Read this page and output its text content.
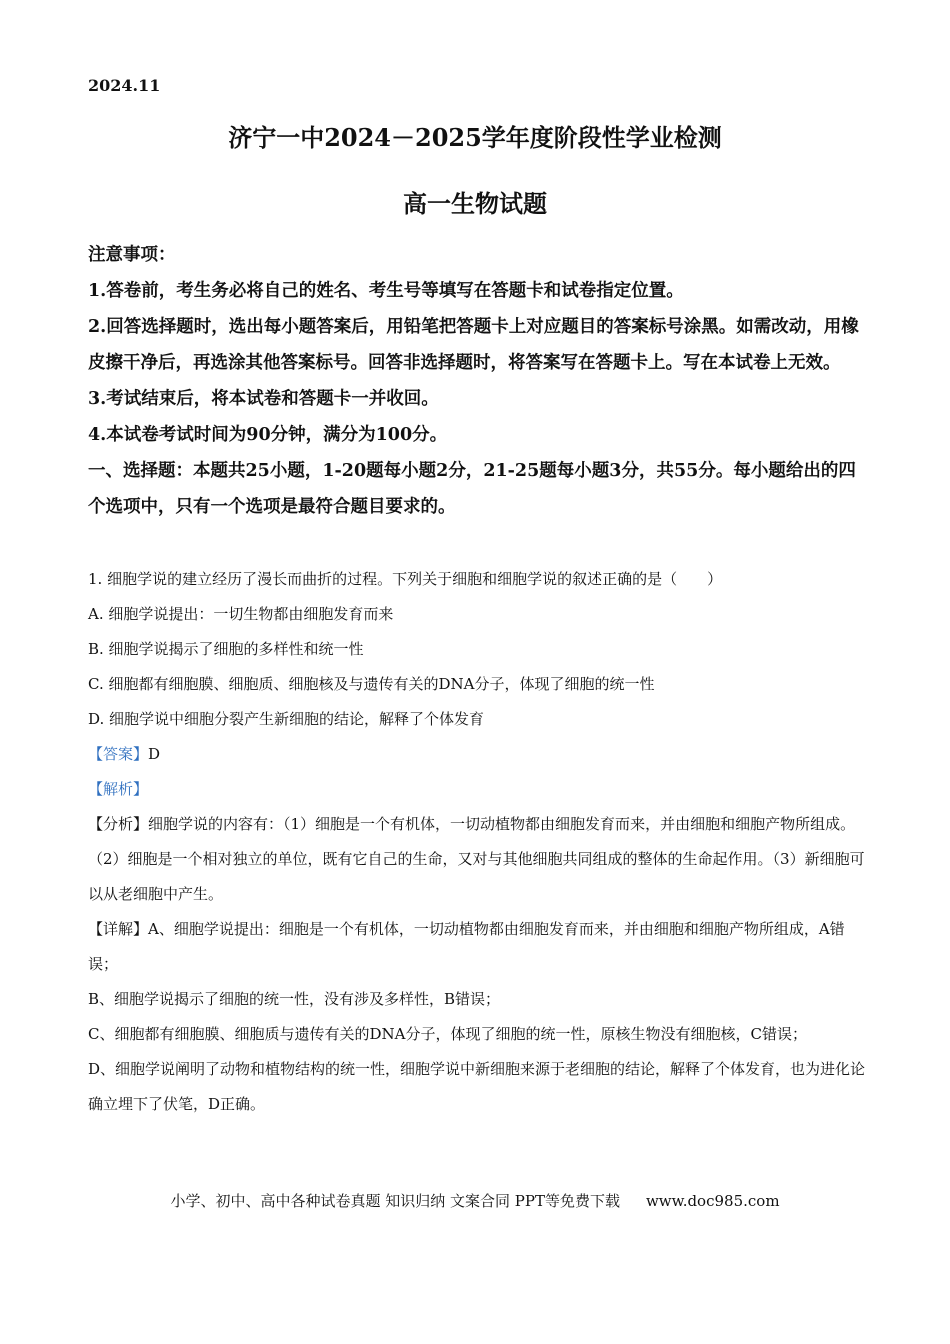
2024.11
济宁一中2024－2025学年度阶段性学业检测
高一生物试题
注意事项：
1.答卷前，考生务必将自己的姓名、考生号等填写在答题卡和试卷指定位置。
2.回答选择题时，选出每小题答案后，用铅笔把答题卡上对应题目的答案标号涂黑。如需改动，用橡皮擦干净后，再选涂其他答案标号。回答非选择题时，将答案写在答题卡上。写在本试卷上无效。
3.考试结束后，将本试卷和答题卡一并收回。
4.本试卷考试时间为90分钟，满分为100分。
一、选择题：本题共25小题，1-20题每小题2分，21-25题每小题3分，共55分。每小题给出的四个选项中，只有一个选项是最符合题目要求的。
1. 细胞学说的建立经历了漫长而曲折的过程。下列关于细胞和细胞学说的叙述正确的是（　　）
A. 细胞学说提出：一切生物都由细胞发育而来
B. 细胞学说揭示了细胞的多样性和统一性
C. 细胞都有细胞膜、细胞质、细胞核及与遗传有关的DNA分子，体现了细胞的统一性
D. 细胞学说中细胞分裂产生新细胞的结论，解释了个体发育
【答案】D
【解析】
【分析】细胞学说的内容有：（1）细胞是一个有机体，一切动植物都由细胞发育而来，并由细胞和细胞产物所组成。（2）细胞是一个相对独立的单位，既有它自己的生命，又对与其他细胞共同组成的整体的生命起作用。（3）新细胞可以从老细胞中产生。
【详解】A、细胞学说提出：细胞是一个有机体，一切动植物都由细胞发育而来，并由细胞和细胞产物所组成，A错误；
B、细胞学说揭示了细胞的统一性，没有涉及多样性，B错误；
C、细胞都有细胞膜、细胞质与遗传有关的DNA分子，体现了细胞的统一性，原核生物没有细胞核，C错误；
D、细胞学说阐明了动物和植物结构的统一性，细胞学说中新细胞来源于老细胞的结论，解释了个体发育，也为进化论确立埋下了伏笔，D正确。
小学、初中、高中各种试卷真题 知识归纳 文案合同 PPT等免费下载 www.doc985.com
